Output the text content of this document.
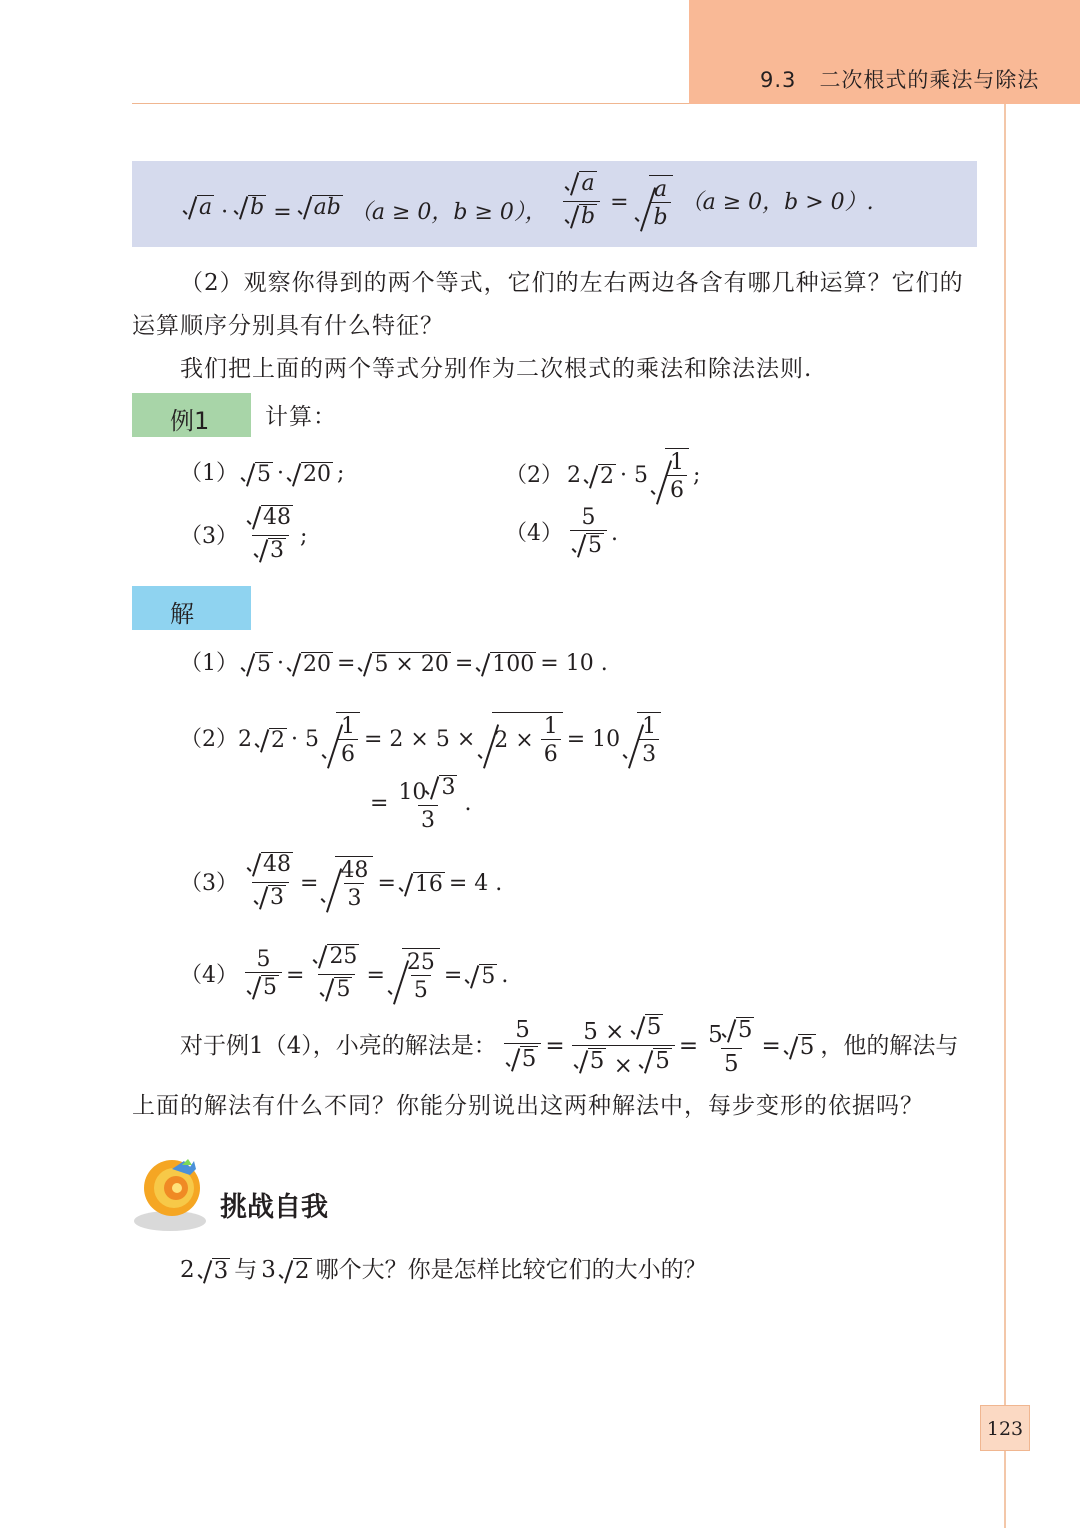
9.3 二次根式的乘法与除法
a · b = ab （a ≥ 0，b ≥ 0）， $\frac{a}{b} = \frac{a}{b} (a \ge 0$，b > 0）.
（2）观察你得到的两个等式，它们的左右两边各含有哪几种运算？它们的
运算顺序分别具有什么特征？
我们把上面的两个等式分别作为二次根式的乘法和除法法则.
例1 计算：
（1） 5 · 20 ;	（2） 2 $2 \cdot 5 \frac{1}{6}$ ;
$(3) \frac{48}{3}$ ;	$(4) \frac{5}{5}$ .
解
（1） 5 · 20 = 5 × 20 = 100 = 10 .
（2）2 $2 \cdot 5 \frac{1}{6} = 2 \times 5 \times 2 \times \frac{1}{6} = 10 \frac{1}{3}$
= $\frac{10 3}{3}$ .
$(3) \frac{48}{3} = \frac{48}{3} = 16 = 4$ .
$(4) \frac{5}{5} = \frac{25}{5} = \frac{25}{5} = 5$ .
对于例1（4），小亮的解法是： $\frac{5}{5} = \frac{5 \times 5}{5 \times 5} = \frac{5 5}{5} = 5$ ，他的解法与
上面的解法有什么不同？你能分别说出这两种解法中，每步变形的依据吗？
挑战自我
2 3 与 3 2 哪个大？你是怎样比较它们的大小的？
123
